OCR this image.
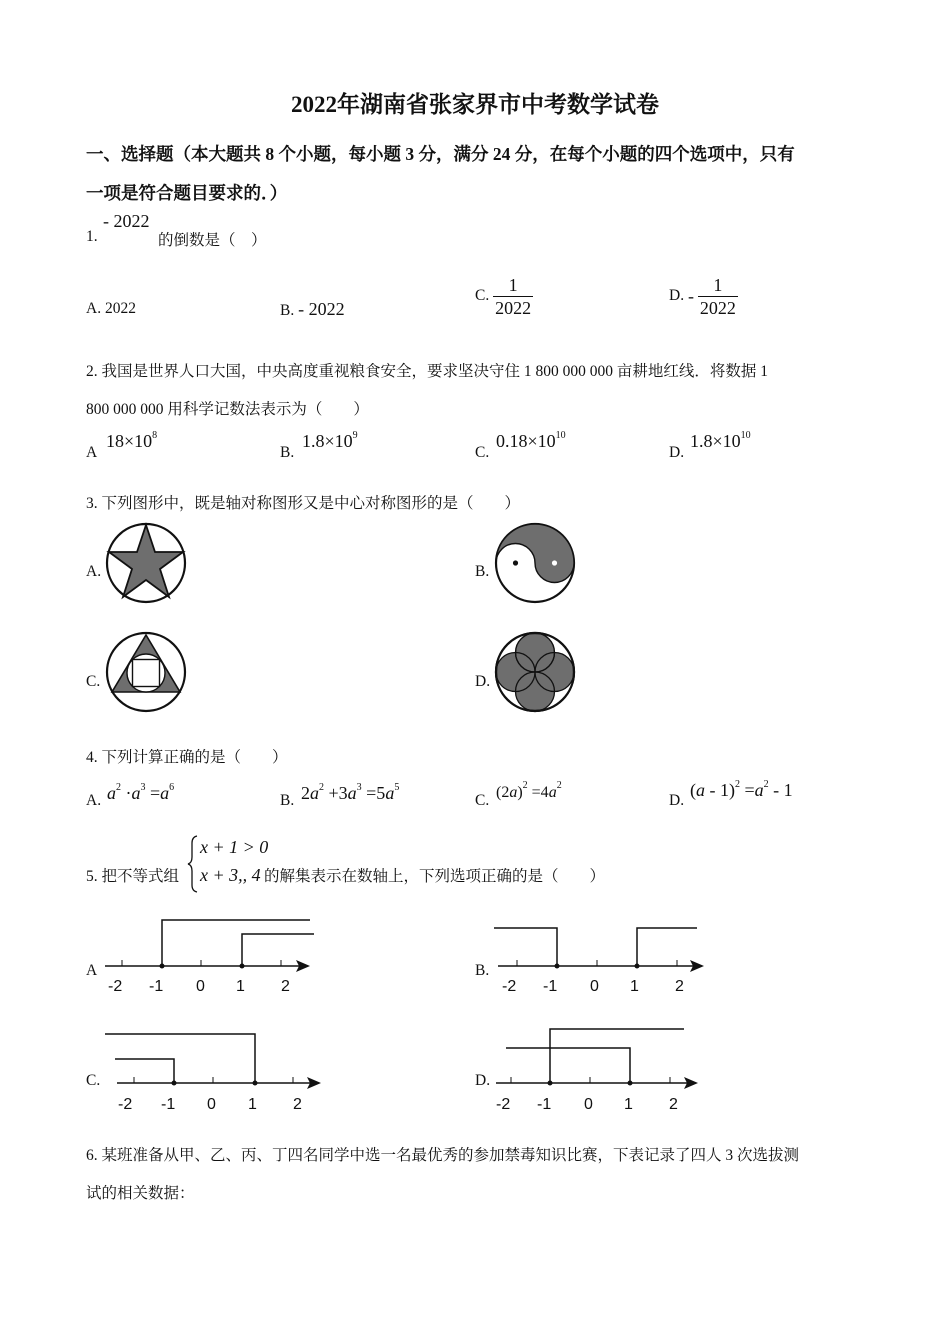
2022年湖南省张家界市中考数学试卷
一、选择题（本大题共 8 个小题，每小题 3 分，满分 24 分，在每个小题的四个选项中，只有
一项是符合题目要求的．）
1.
- 2022
的倒数是（　）
A. 2022	B. - 2022
C. $\frac{1}{2022}$	D. - $\frac{1}{2022}$
2. 我国是世界人口大国，中央高度重视粮食安全，要求坚决守住 1 800 000 000 亩耕地红线．将数据 1
800 000 000 用科学记数法表示为（　　）
A
$18\times 10^8$
B.
$1.8\times 10^9$
C.
$0.18\times 10^{10}$
D.
$1.8\times 10^{10}$
3. 下列图形中，既是轴对称图形又是中心对称图形的是（　　）
A.	B.
C.	D.
4. 下列计算正确的是（　　）
A. $a^2 \cdot a^3 =a^6$
B. $2a^2 +3a^3 =5a^5$
C. $(2a)^2 =4a^2$
D.
$(a - 1)^2 =a^2 - 1$
5. 把不等式组
x + 1 > 0
x + 3,, 4 的解集表示在数轴上，下列选项正确的是（　　）
A
-2 -1 0 1 2
B.
-2 -1 0 1 2
C.
-2 -1 0 1 2
D.
-2 -1 0 1 2
6. 某班准备从甲、乙、丙、丁四名同学中选一名最优秀的参加禁毒知识比赛，下表记录了四人 3 次选拔测
试的相关数据：
